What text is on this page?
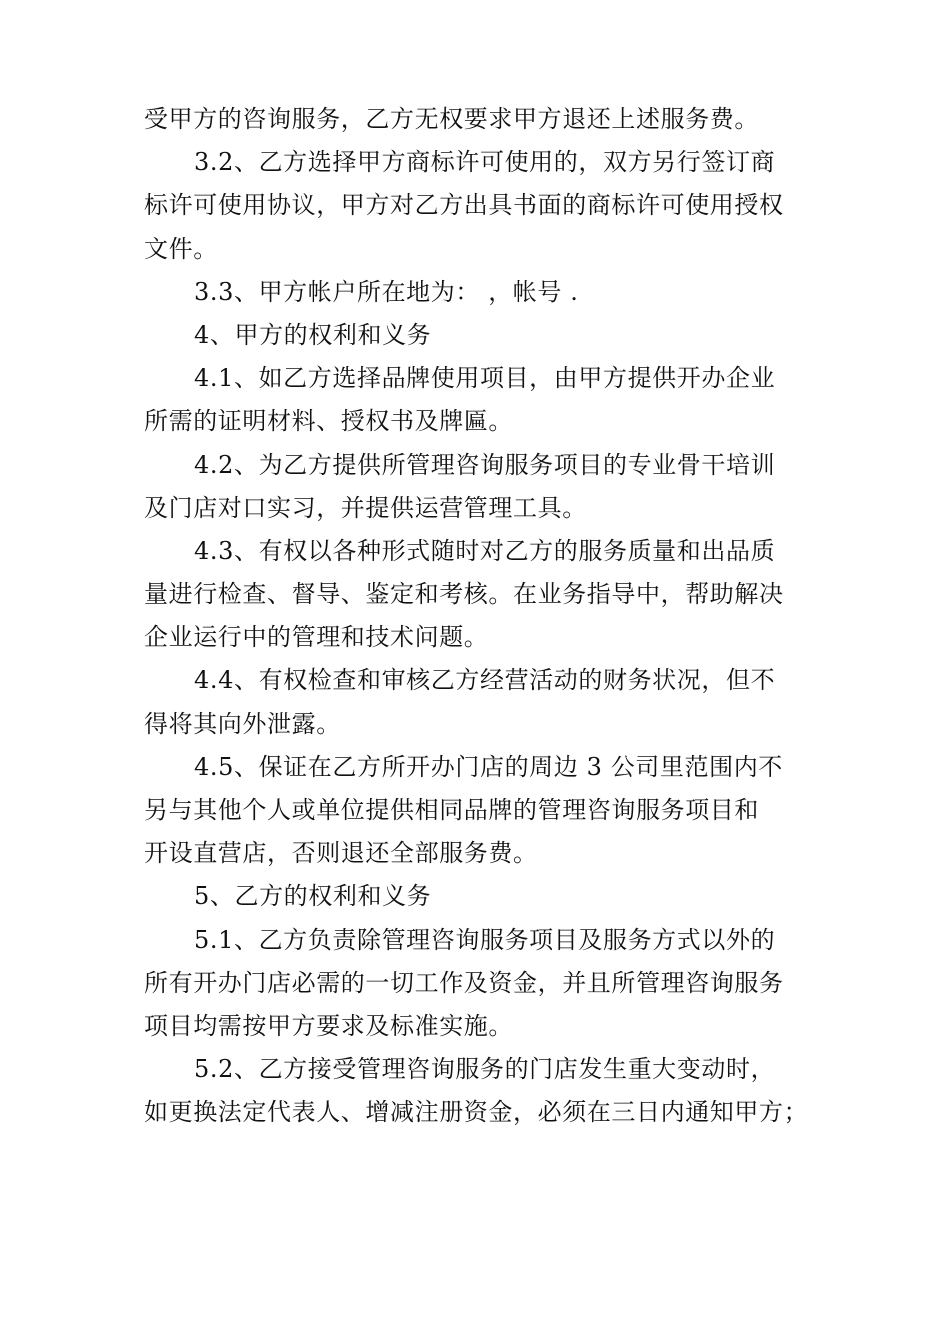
受甲方的咨询服务，乙方无权要求甲方退还上述服务费。
3.2、乙方选择甲方商标许可使用的，双方另行签订商
标许可使用协议，甲方对乙方出具书面的商标许可使用授权
文件。
3.3、甲方帐户所在地为： ，帐号 .
4、甲方的权利和义务
4.1、如乙方选择品牌使用项目，由甲方提供开办企业
所需的证明材料、授权书及牌匾。
4.2、为乙方提供所管理咨询服务项目的专业骨干培训
及门店对口实习，并提供运营管理工具。
4.3、有权以各种形式随时对乙方的服务质量和出品质
量进行检查、督导、鉴定和考核。在业务指导中，帮助解决
企业运行中的管理和技术问题。
4.4、有权检查和审核乙方经营活动的财务状况，但不
得将其向外泄露。
4.5、保证在乙方所开办门店的周边 3 公司里范围内不
另与其他个人或单位提供相同品牌的管理咨询服务项目和
开设直营店，否则退还全部服务费。
5、乙方的权利和义务
5.1、乙方负责除管理咨询服务项目及服务方式以外的
所有开办门店必需的一切工作及资金，并且所管理咨询服务
项目均需按甲方要求及标准实施。
5.2、乙方接受管理咨询服务的门店发生重大变动时，
如更换法定代表人、增减注册资金，必须在三日内通知甲方；
